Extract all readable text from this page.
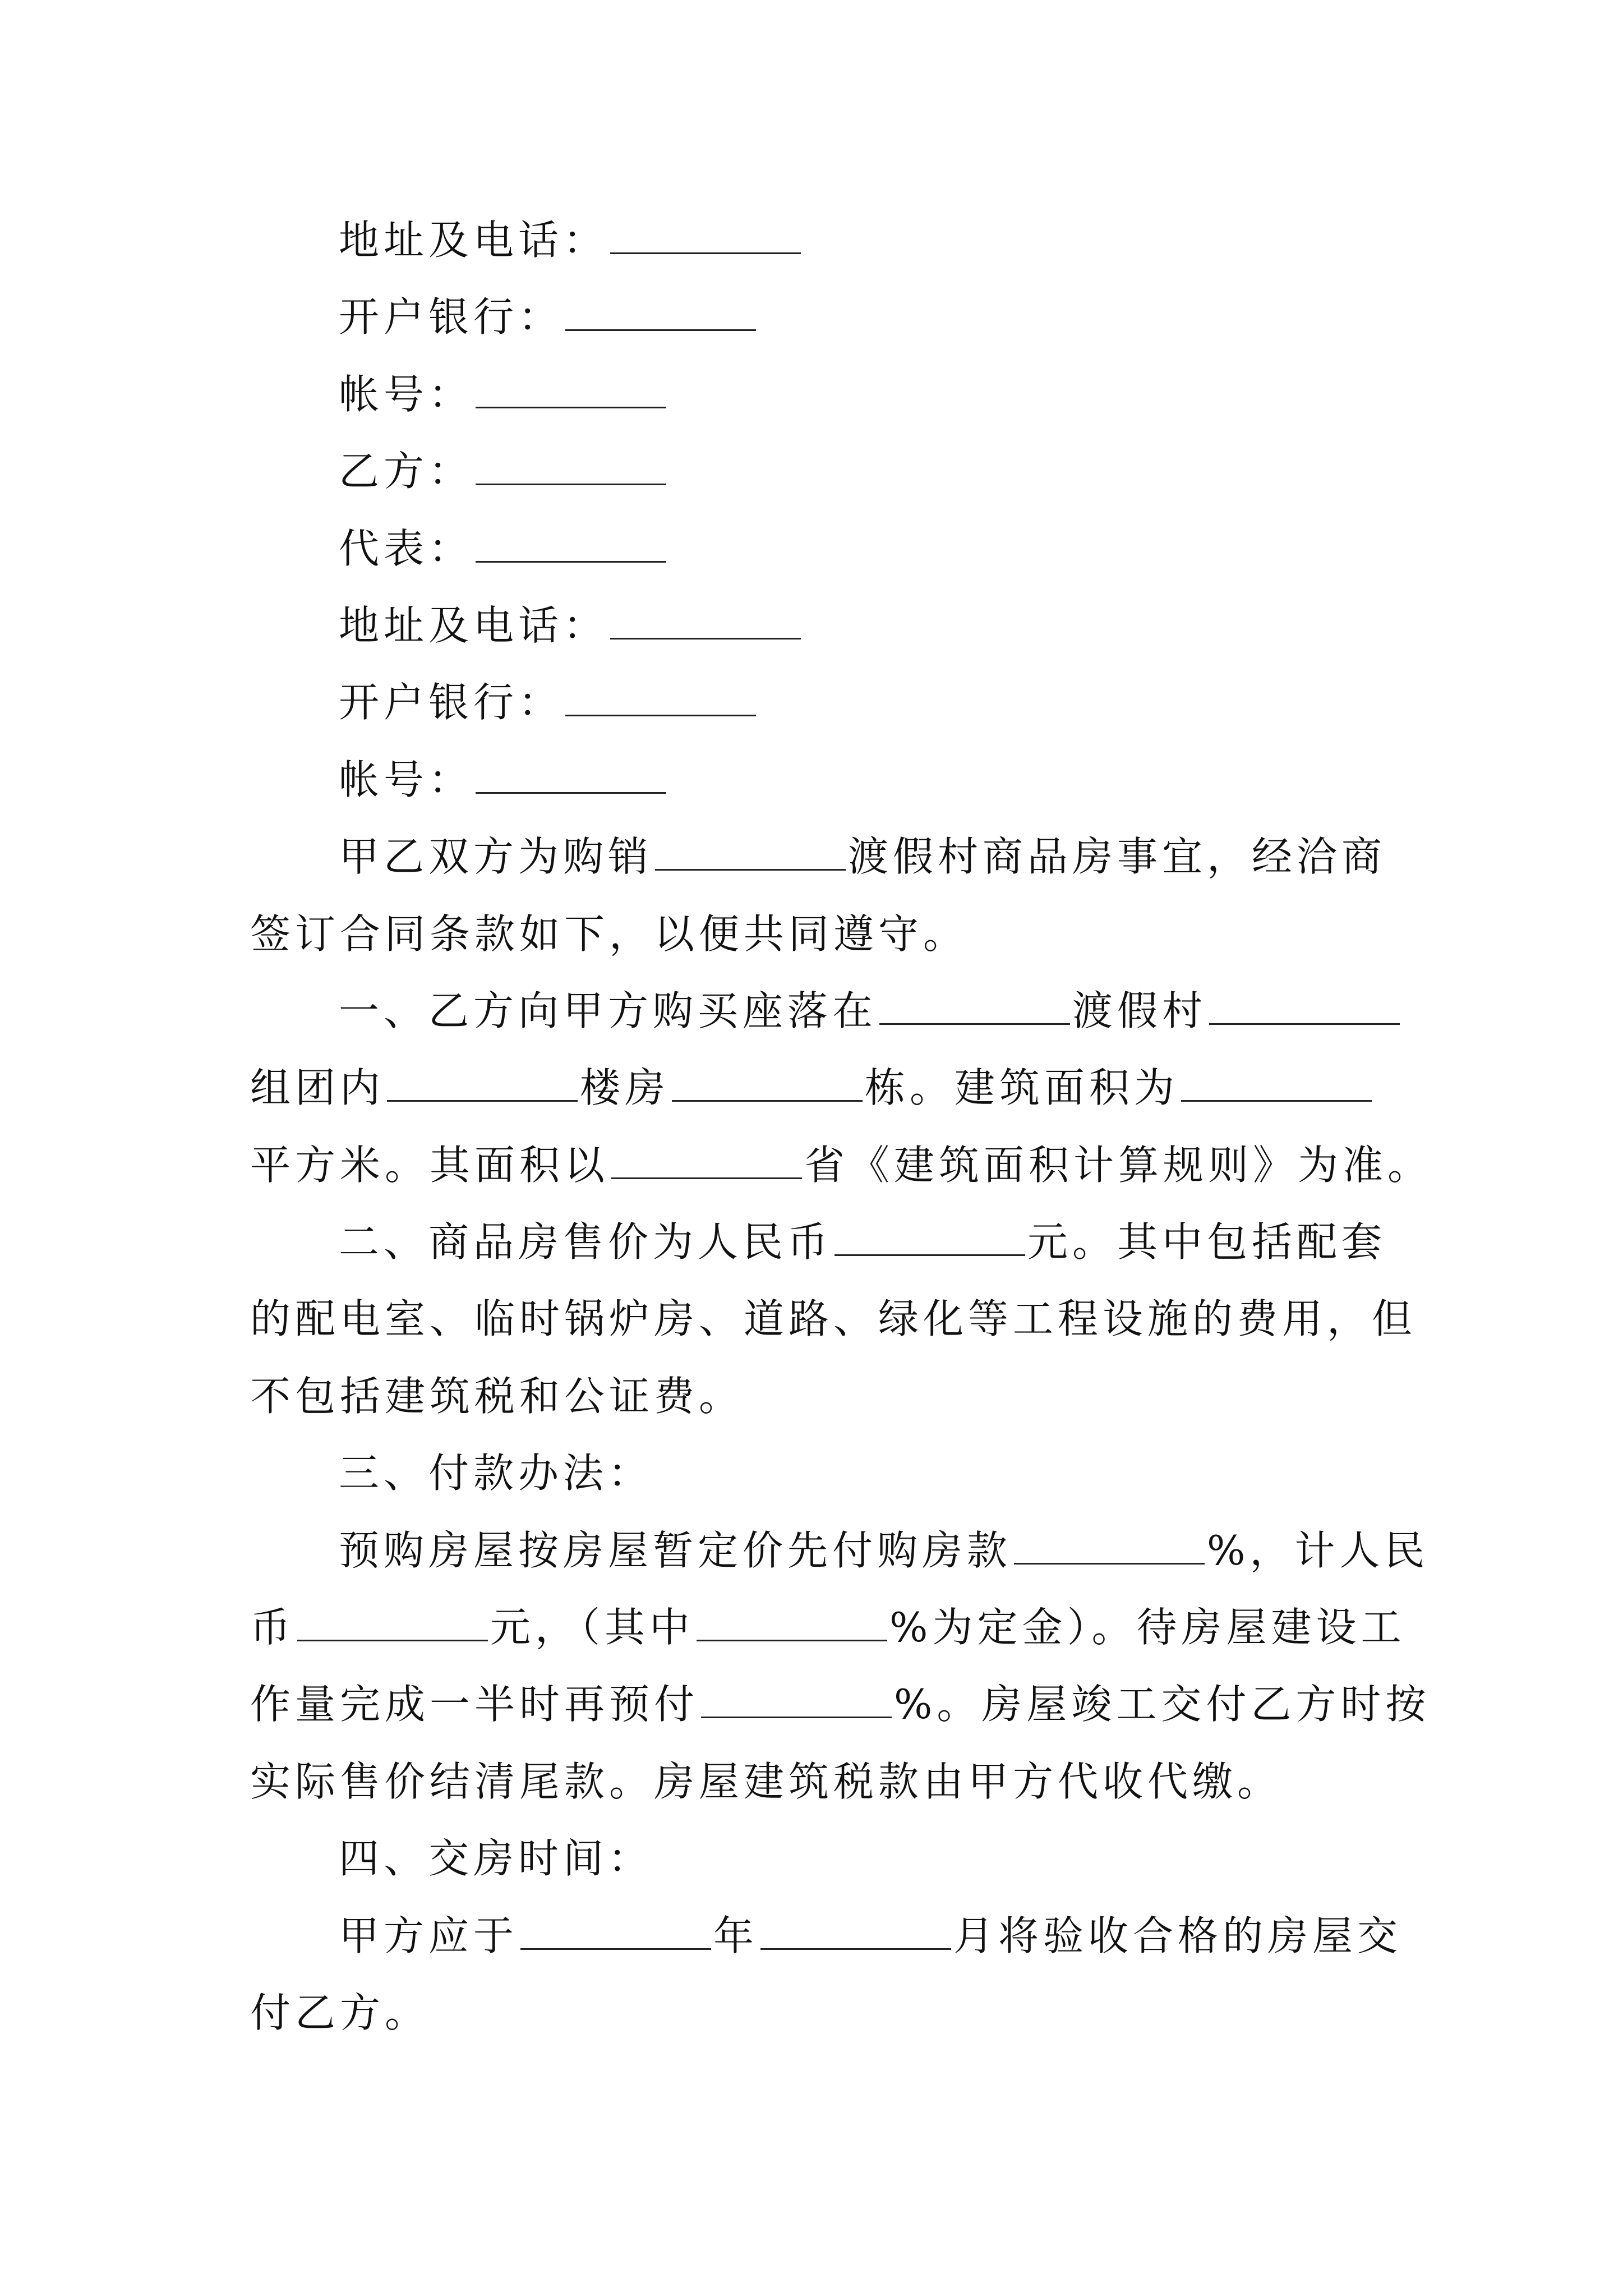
地址及电话：
开户银行：
帐号：
乙方：
代表：
地址及电话：
开户银行：
帐号：
甲乙双方为购销	渡假村商品房事宜，经洽商
签订合同条款如下，以便共同遵守。
一、乙方向甲方购买座落在	渡假村
组团内	楼房	栋。建筑面积为
平方米。其面积以	省《建筑面积计算规则》为准。
二、商品房售价为人民币	元。其中包括配套
的配电室、临时锅炉房、道路、绿化等工程设施的费用，但
不包括建筑税和公证费。
三、付款办法：
预购房屋按房屋暂定价先付购房款	%，计人民
币	元，（其中	%为定金）。待房屋建设工
作量完成一半时再预付	%。房屋竣工交付乙方时按
实际售价结清尾款。房屋建筑税款由甲方代收代缴。
四、交房时间：
甲方应于	年	月将验收合格的房屋交
付乙方。
